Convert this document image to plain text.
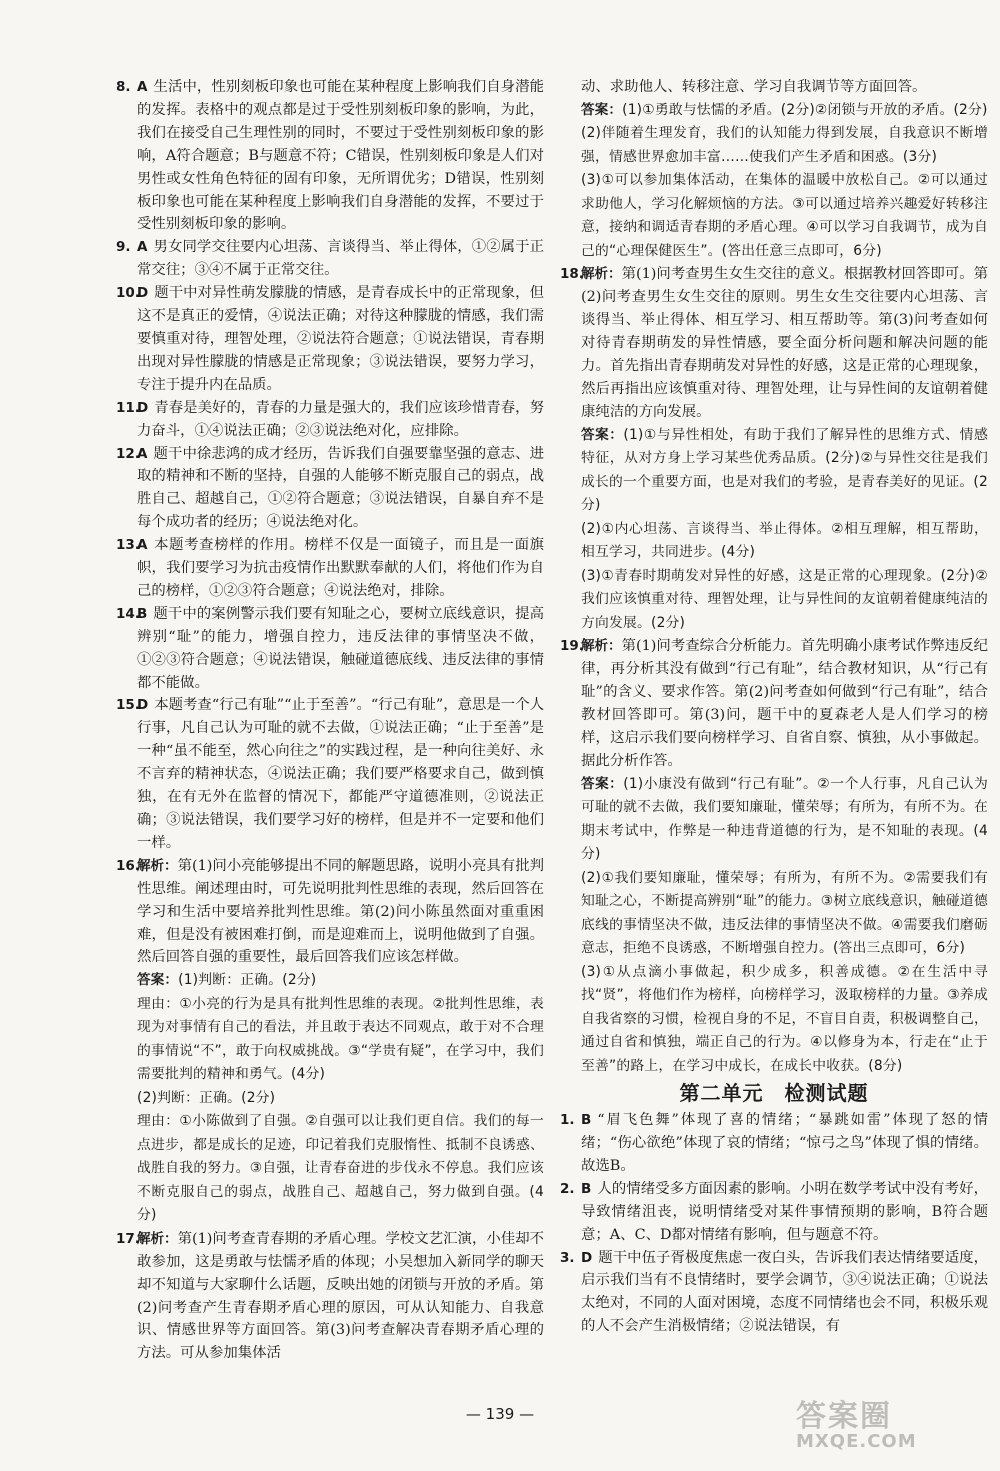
8. A 生活中，性别刻板印象也可能在某种程度上影响我们自身潜能的发挥。表格中的观点都是过于受性别刻板印象的影响，为此，我们在接受自己生理性别的同时，不要过于受性别刻板印象的影响，A符合题意；B与题意不符；C错误，性别刻板印象是人们对男性或女性角色特征的固有印象，无所谓优劣；D错误，性别刻板印象也可能在某种程度上影响我们自身潜能的发挥，不要过于受性别刻板印象的影响。
9. A 男女同学交往要内心坦荡、言谈得当、举止得体，①②属于正常交往；③④不属于正常交往。
10.
D 题干中对异性萌发朦胧的情感，是青春成长中的正常现象，但这不是真正的爱情，④说法正确；对待这种朦胧的情感，我们需要慎重对待，理智处理，②说法符合题意；①说法错误，青春期出现对异性朦胧的情感是正常现象；③说法错误，要努力学习，专注于提升内在品质。
11.
D 青春是美好的，青春的力量是强大的，我们应该珍惜青春，努力奋斗，①④说法正确；②③说法绝对化，应排除。
12.
A 题干中徐悲鸿的成才经历，告诉我们自强要靠坚强的意志、进取的精神和不断的坚持，自强的人能够不断克服自己的弱点，战胜自己、超越自己，①②符合题意；③说法错误，自暴自弃不是每个成功者的经历；④说法绝对化。
13.
A 本题考查榜样的作用。榜样不仅是一面镜子，而且是一面旗帜，我们要学习为抗击疫情作出默默奉献的人们，将他们作为自己的榜样，①②③符合题意；④说法绝对，排除。
14.
B 题干中的案例警示我们要有知耻之心，要树立底线意识，提高辨别“耻”的能力，增强自控力，违反法律的事情坚决不做，①②③符合题意；④说法错误，触碰道德底线、违反法律的事情都不能做。
15.
D 本题考查“行己有耻”“止于至善”。“行己有耻”，意思是一个人行事，凡自己认为可耻的就不去做，①说法正确；“止于至善”是一种“虽不能至，然心向往之”的实践过程，是一种向往美好、永不言弃的精神状态，④说法正确；我们要严格要求自己，做到慎独，在有无外在监督的情况下，都能严守道德准则，②说法正确；③说法错误，我们要学习好的榜样，但是并不一定要和他们一样。
16.
解析：第(1)问小亮能够提出不同的解题思路，说明小亮具有批判性思维。阐述理由时，可先说明批判性思维的表现，然后回答在学习和生活中要培养批判性思维。第(2)问小陈虽然面对重重困难，但是没有被困难打倒，而是迎难而上，说明他做到了自强。然后回答自强的重要性，最后回答我们应该怎样做。
答案：(1)判断：正确。(2分)
理由：①小亮的行为是具有批判性思维的表现。②批判性思维，表现为对事情有自己的看法，并且敢于表达不同观点，敢于对不合理的事情说“不”，敢于向权威挑战。③“学贵有疑”，在学习中，我们需要批判的精神和勇气。(4分)
(2)判断：正确。(2分)
理由：①小陈做到了自强。②自强可以让我们更自信。我们的每一点进步，都是成长的足迹，印记着我们克服惰性、抵制不良诱惑、战胜自我的努力。③自强，让青春奋进的步伐永不停息。我们应该不断克服自己的弱点，战胜自己、超越自己，努力做到自强。(4分)
17.
解析：第(1)问考查青春期的矛盾心理。学校文艺汇演，小佳却不敢参加，这是勇敢与怯懦矛盾的体现；小吴想加入新同学的聊天却不知道与大家聊什么话题，反映出她的闭锁与开放的矛盾。第(2)问考查产生青春期矛盾心理的原因，可从认知能力、自我意识、情感世界等方面回答。第(3)问考查解决青春期矛盾心理的方法。可从参加集体活
动、求助他人、转移注意、学习自我调节等方面回答。
答案：(1)①勇敢与怯懦的矛盾。(2分)②闭锁与开放的矛盾。(2分)
(2)伴随着生理发育，我们的认知能力得到发展，自我意识不断增强，情感世界愈加丰富……使我们产生矛盾和困惑。(3分)
(3)①可以参加集体活动，在集体的温暖中放松自己。②可以通过求助他人，学习化解烦恼的方法。③可以通过培养兴趣爱好转移注意，接纳和调适青春期的矛盾心理。④可以学习自我调节，成为自己的“心理保健医生”。(答出任意三点即可，6分)
18.
解析：第(1)问考查男生女生交往的意义。根据教材回答即可。第(2)问考查男生女生交往的原则。男生女生交往要内心坦荡、言谈得当、举止得体、相互学习、相互帮助等。第(3)问考查如何对待青春期萌发的异性情感，要全面分析问题和解决问题的能力。首先指出青春期萌发对异性的好感，这是正常的心理现象，然后再指出应该慎重对待、理智处理，让与异性间的友谊朝着健康纯洁的方向发展。
答案：(1)①与异性相处，有助于我们了解异性的思维方式、情感特征，从对方身上学习某些优秀品质。(2分)②与异性交往是我们成长的一个重要方面，也是对我们的考验，是青春美好的见证。(2分)
(2)①内心坦荡、言谈得当、举止得体。②相互理解，相互帮助，相互学习，共同进步。(4分)
(3)①青春时期萌发对异性的好感，这是正常的心理现象。(2分)②我们应该慎重对待、理智处理，让与异性间的友谊朝着健康纯洁的方向发展。(2分)
19.
解析：第(1)问考查综合分析能力。首先明确小康考试作弊违反纪律，再分析其没有做到“行己有耻”，结合教材知识，从“行己有耻”的含义、要求作答。第(2)问考查如何做到“行己有耻”，结合教材回答即可。第(3)问，题干中的夏森老人是人们学习的榜样，这启示我们要向榜样学习、自省自察、慎独，从小事做起。据此分析作答。
答案：(1)小康没有做到“行己有耻”。②一个人行事，凡自己认为可耻的就不去做，我们要知廉耻，懂荣辱；有所为，有所不为。在期末考试中，作弊是一种违背道德的行为，是不知耻的表现。(4分)
(2)①我们要知廉耻，懂荣辱；有所为，有所不为。②需要我们有知耻之心，不断提高辨别“耻”的能力。③树立底线意识，触碰道德底线的事情坚决不做，违反法律的事情坚决不做。④需要我们磨砺意志，拒绝不良诱惑，不断增强自控力。(答出三点即可，6分)
(3)①从点滴小事做起，积少成多，积善成德。②在生活中寻找“贤”，将他们作为榜样，向榜样学习，汲取榜样的力量。③养成自我省察的习惯，检视自身的不足，不盲目自责，积极调整自己，通过自省和慎独，端正自己的行为。④以修身为本，行走在“止于至善”的路上，在学习中成长，在成长中收获。(8分)
第二单元　检测试题
1. B “眉飞色舞”体现了喜的情绪；“暴跳如雷”体现了怒的情绪；“伤心欲绝”体现了哀的情绪；“惊弓之鸟”体现了惧的情绪。故选B。
2. B 人的情绪受多方面因素的影响。小明在数学考试中没有考好，导致情绪沮丧，说明情绪受对某件事情预期的影响，B符合题意；A、C、D都对情绪有影响，但与题意不符。
3. D 题干中伍子胥极度焦虑一夜白头，告诉我们表达情绪要适度，启示我们当有不良情绪时，要学会调节，③④说法正确；①说法太绝对，不同的人面对困境，态度不同情绪也会不同，积极乐观的人不会产生消极情绪；②说法错误，有
— 139 —	答案圈
MXQE.COM
